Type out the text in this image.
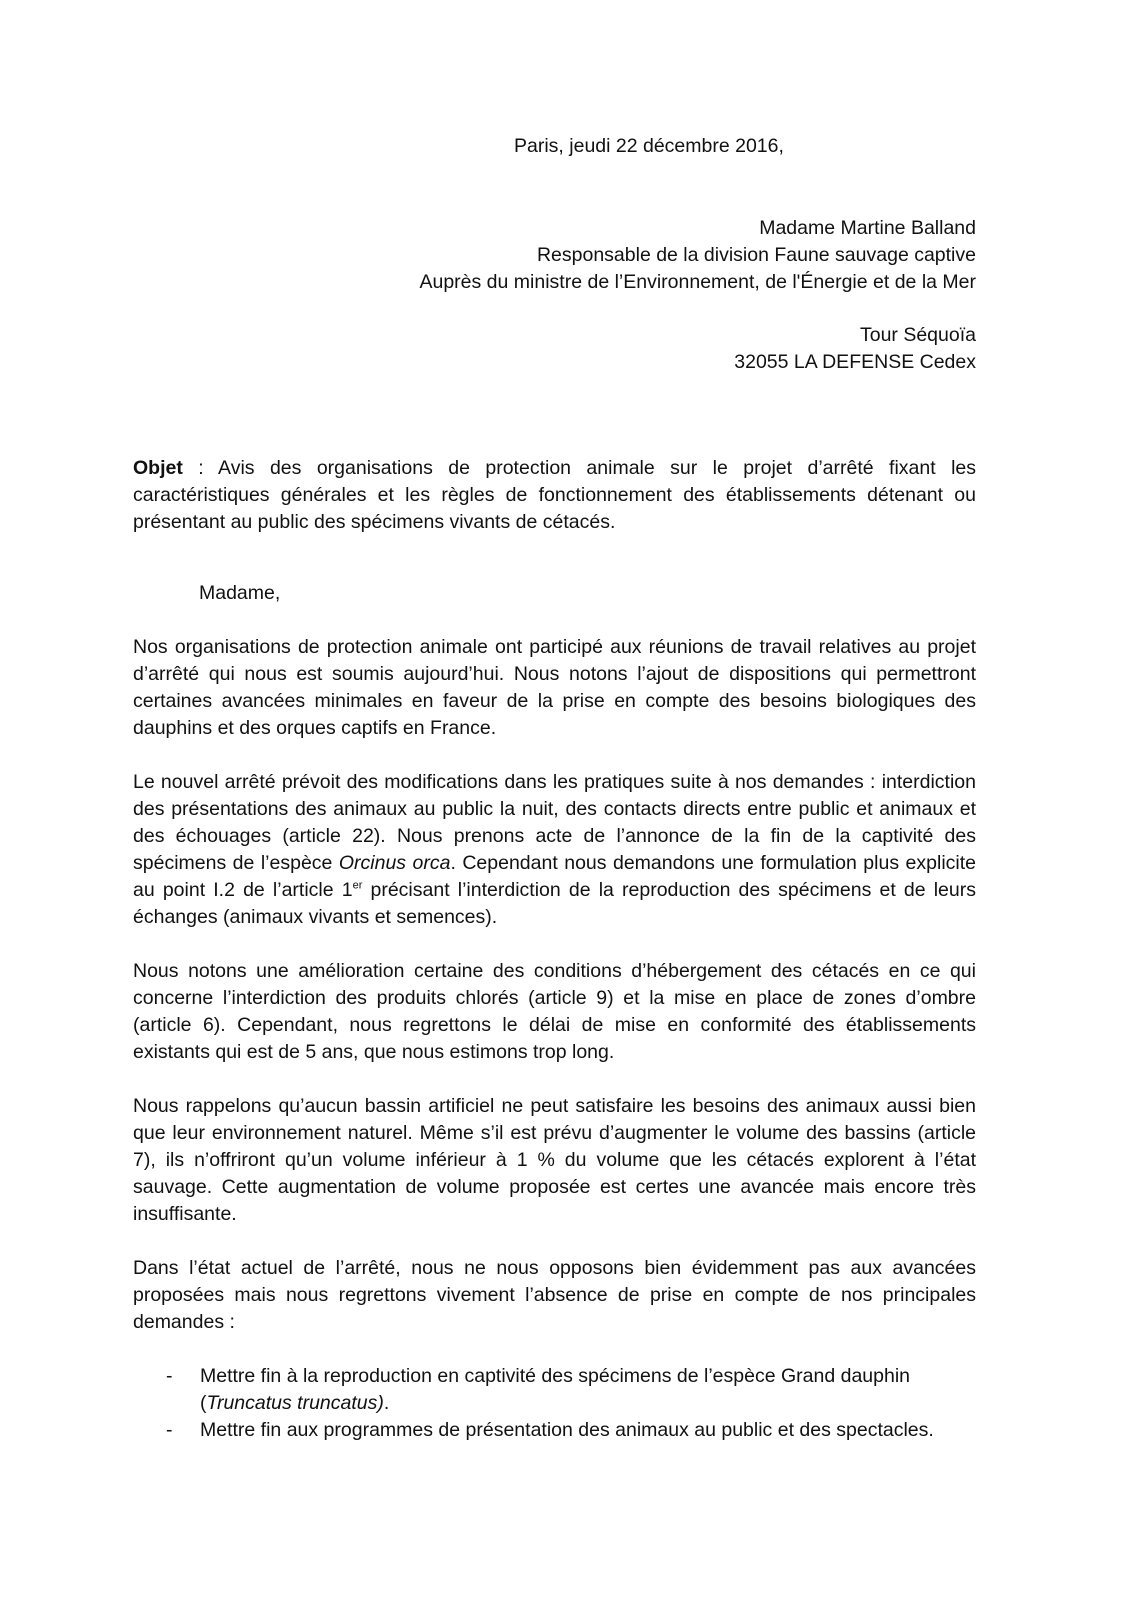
Paris, jeudi 22 décembre 2016,
Madame Martine Balland
Responsable de la division Faune sauvage captive
Auprès du ministre de l’Environnement, de l'Énergie et de la Mer
Tour Séquoïa
32055 LA DEFENSE Cedex

Objet : Avis des organisations de protection animale sur le projet d’arrêté fixant les caractéristiques générales et les règles de fonctionnement des établissements détenant ou présentant au public des spécimens vivants de cétacés.

Madame,

Nos organisations de protection animale ont participé aux réunions de travail relatives au projet d’arrêté qui nous est soumis aujourd’hui. Nous notons l’ajout de dispositions qui permettront certaines avancées minimales en faveur de la prise en compte des besoins biologiques des dauphins et des orques captifs en France.

Le nouvel arrêté prévoit des modifications dans les pratiques suite à nos demandes : interdiction des présentations des animaux au public la nuit, des contacts directs entre public et animaux et des échouages (article 22). Nous prenons acte de l’annonce de la fin de la captivité des spécimens de l’espèce Orcinus orca. Cependant nous demandons une formulation plus explicite au point I.2 de l’article 1er précisant l’interdiction de la reproduction des spécimens et de leurs échanges (animaux vivants et semences).

Nous notons une amélioration certaine des conditions d’hébergement des cétacés en ce qui concerne l’interdiction des produits chlorés (article 9) et la mise en place de zones d’ombre (article 6). Cependant, nous regrettons le délai de mise en conformité des établissements existants qui est de 5 ans, que nous estimons trop long.

Nous rappelons qu’aucun bassin artificiel ne peut satisfaire les besoins des animaux aussi bien que leur environnement naturel. Même s’il est prévu d’augmenter le volume des bassins (article 7), ils n’offriront qu’un volume inférieur à 1 % du volume que les cétacés explorent à l’état sauvage. Cette augmentation de volume proposée est certes une avancée mais encore très insuffisante.

Dans l’état actuel de l’arrêté, nous ne nous opposons bien évidemment pas aux avancées proposées mais nous regrettons vivement l’absence de prise en compte de nos principales demandes :

- Mettre fin à la reproduction en captivité des spécimens de l’espèce Grand dauphin (Truncatus truncatus).
- Mettre fin aux programmes de présentation des animaux au public et des spectacles.
